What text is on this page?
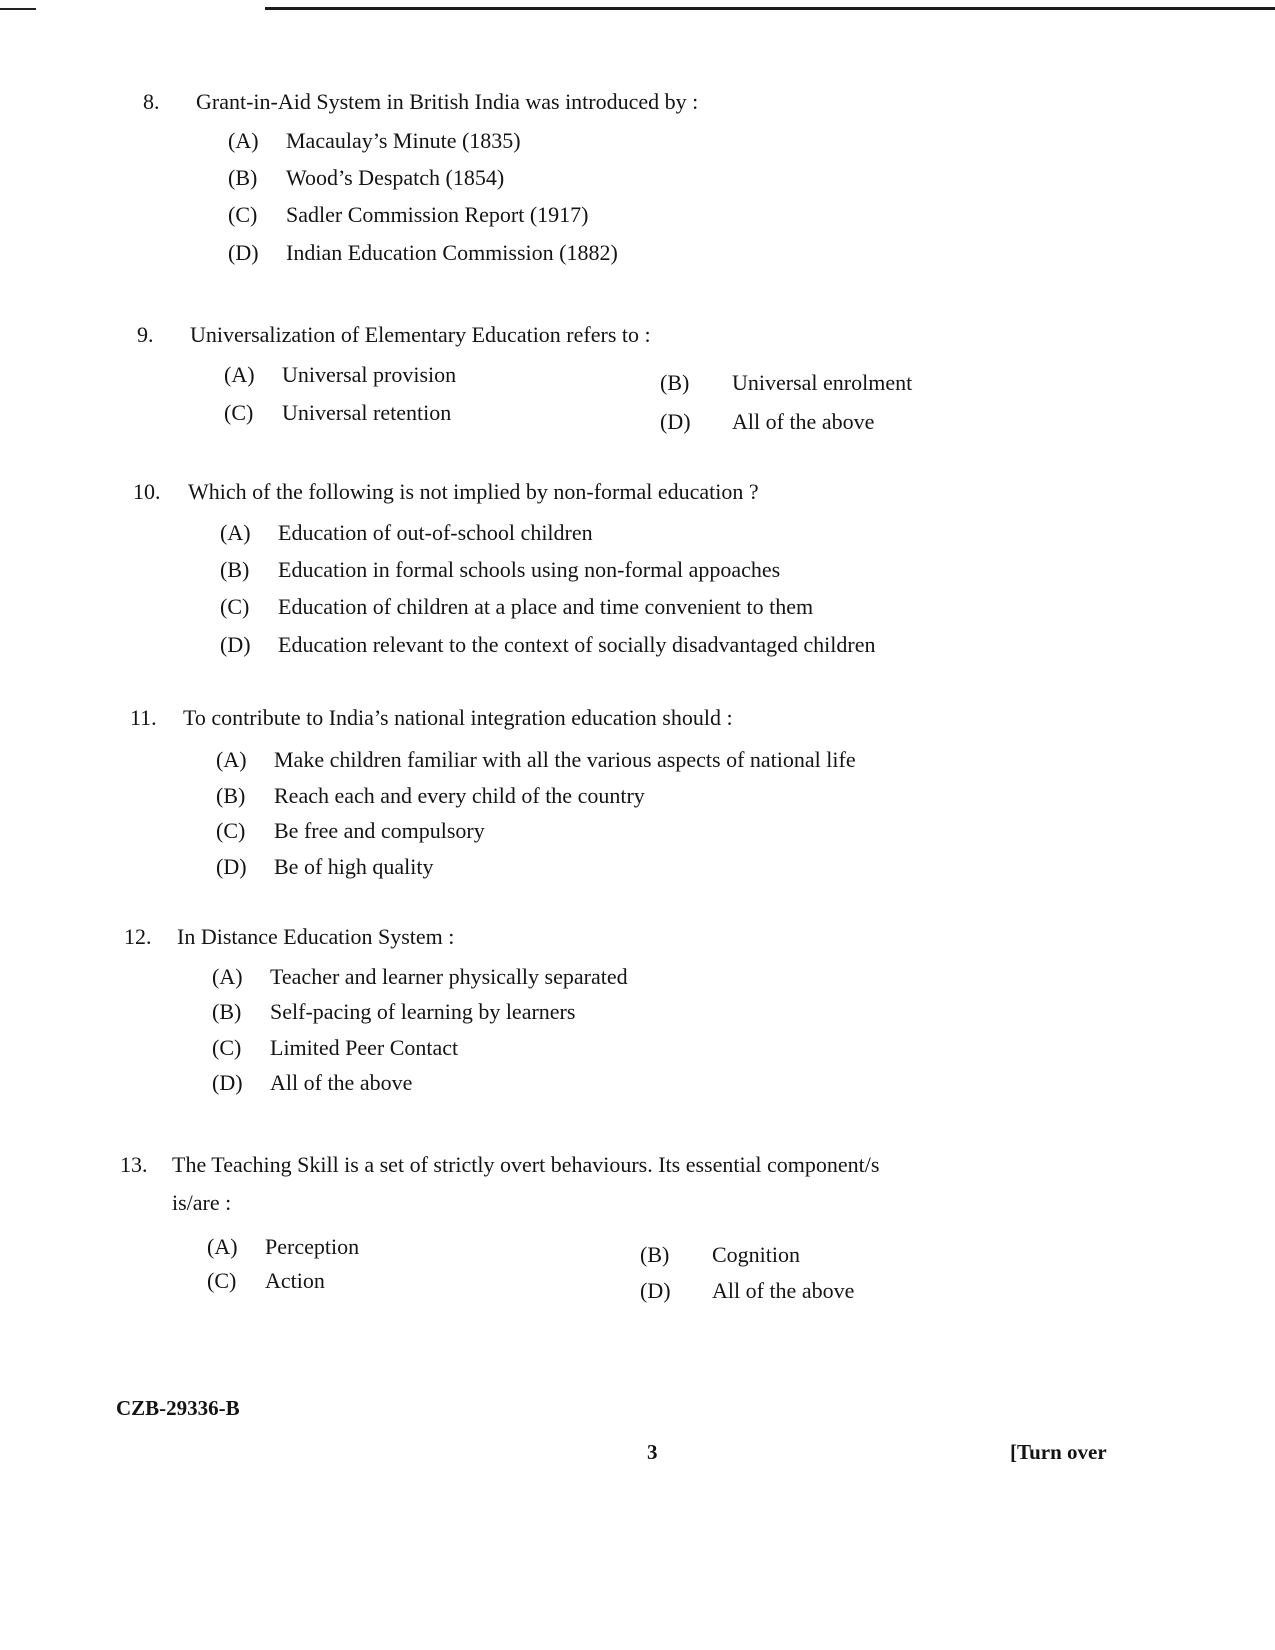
8.	Grant-in-Aid System in British India was introduced by :
(A) Macaulay’s Minute (1835)
(B) Wood’s Despatch (1854)
(C) Sadler Commission Report (1917)
(D) Indian Education Commission (1882)
9.	Universalization of Elementary Education refers to :
(A) Universal provision	(B) Universal enrolment
(C) Universal retention	(D) All of the above
10.	Which of the following is not implied by non-formal education ?
(A) Education of out-of-school children
(B) Education in formal schools using non-formal appoaches
(C) Education of children at a place and time convenient to them
(D) Education relevant to the context of socially disadvantaged children
11.	To contribute to India’s national integration education should :
(A) Make children familiar with all the various aspects of national life
(B) Reach each and every child of the country
(C) Be free and compulsory
(D) Be of high quality
12.	In Distance Education System :
(A) Teacher and learner physically separated
(B) Self-pacing of learning by learners
(C) Limited Peer Contact
(D) All of the above
13.	The Teaching Skill is a set of strictly overt behaviours. Its essential component/s
is/are :
(A) Perception	(B) Cognition
(C) Action	(D) All of the above
CZB-29336-B
3	[Turn over
